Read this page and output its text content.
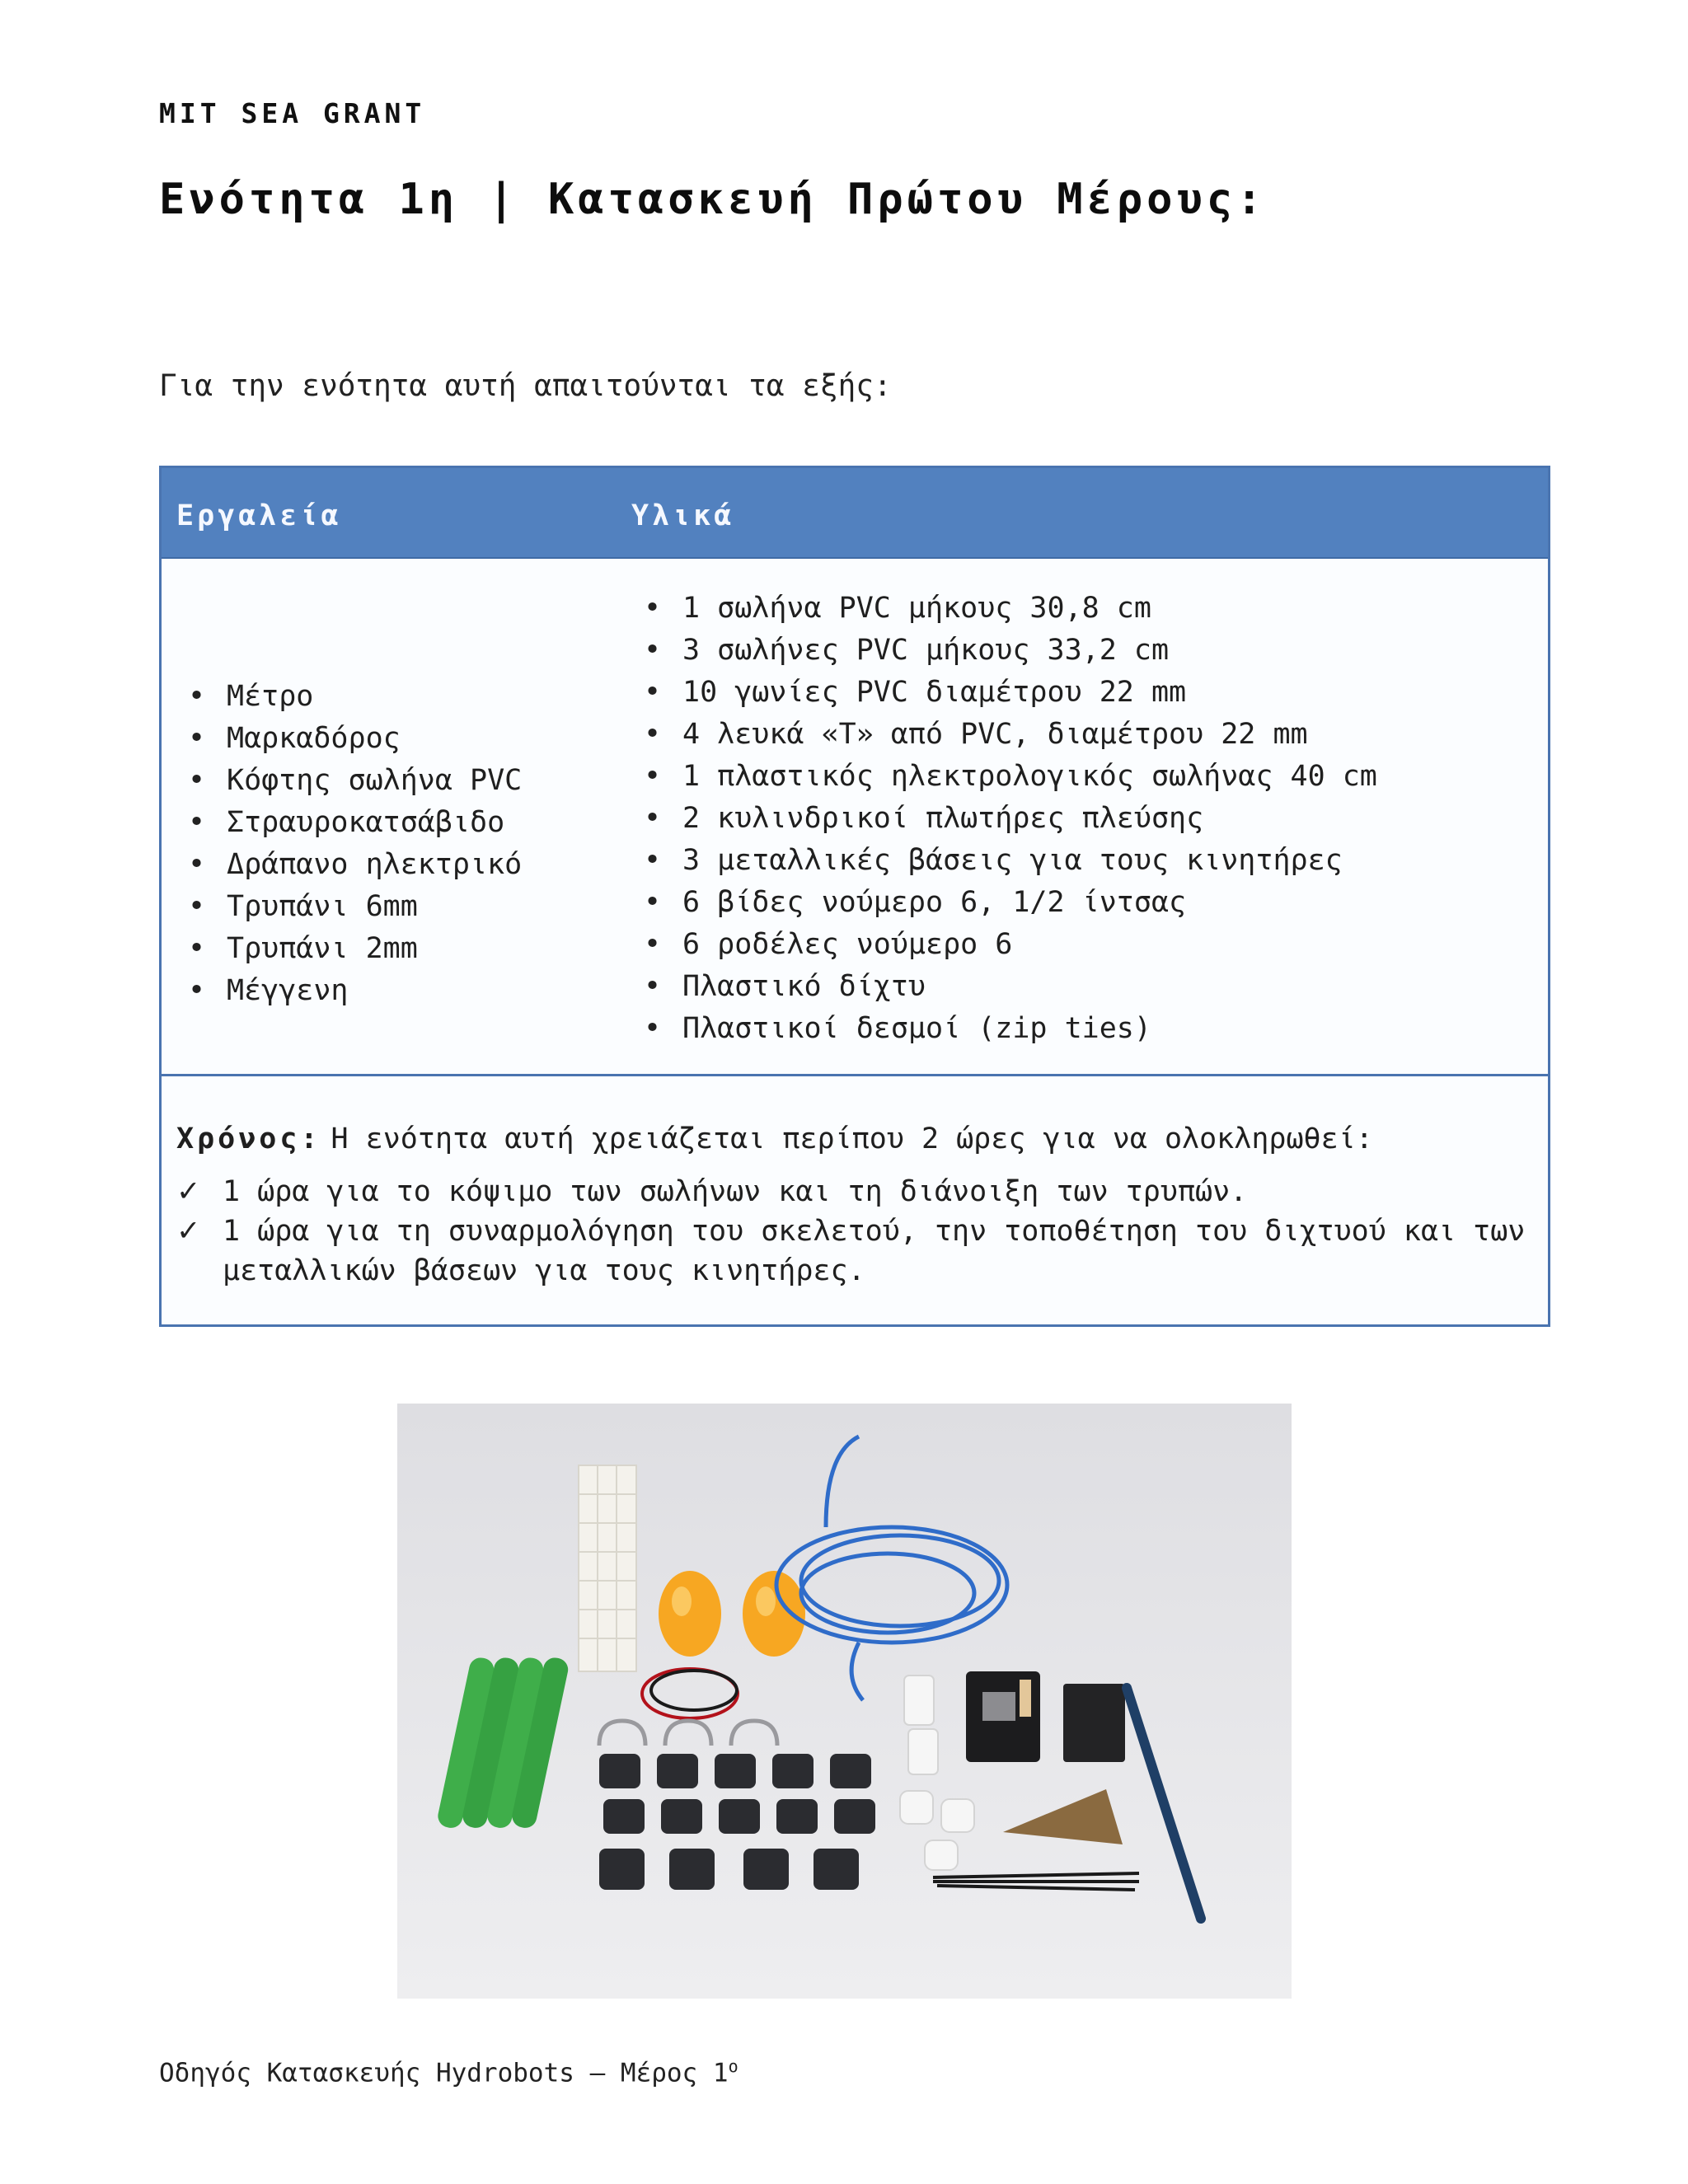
MIT SEA GRANT
Ενότητα 1η | Κατασκευή Πρώτου Μέρους:
Για την ενότητα αυτή απαιτούνται τα εξής:
Εργαλεία	Υλικά
• Μέτρο
• Μαρκαδόρος
• Κόφτης σωλήνα PVC
• Στραυροκατσάβιδο
• Δράπανο ηλεκτρικό
• Τρυπάνι 6mm
• Τρυπάνι 2mm
• Μέγγενη
• 1 σωλήνα PVC μήκους 30,8 cm
• 3 σωλήνες PVC μήκους 33,2 cm
• 10 γωνίες PVC διαμέτρου 22 mm
• 4 λευκά «Τ» από PVC, διαμέτρου 22 mm
• 1 πλαστικός ηλεκτρολογικός σωλήνας 40 cm
• 2 κυλινδρικοί πλωτήρες πλεύσης
• 3 μεταλλικές βάσεις για τους κινητήρες
• 6 βίδες νούμερο 6, 1/2 ίντσας
• 6 ροδέλες νούμερο 6
• Πλαστικό δίχτυ
• Πλαστικοί δεσμοί (zip ties)
Χρόνος: Η ενότητα αυτή χρειάζεται περίπου 2 ώρες για να ολοκληρωθεί:
✓ 1 ώρα για το κόψιμο των σωλήνων και τη διάνοιξη των τρυπών.
✓ 1 ώρα για τη συναρμολόγηση του σκελετού, την τοποθέτηση του διχτυού και των μεταλλικών βάσεων για τους κινητήρες.
Οδηγός Κατασκευής Hydrobots – Μέρος $1^o$
